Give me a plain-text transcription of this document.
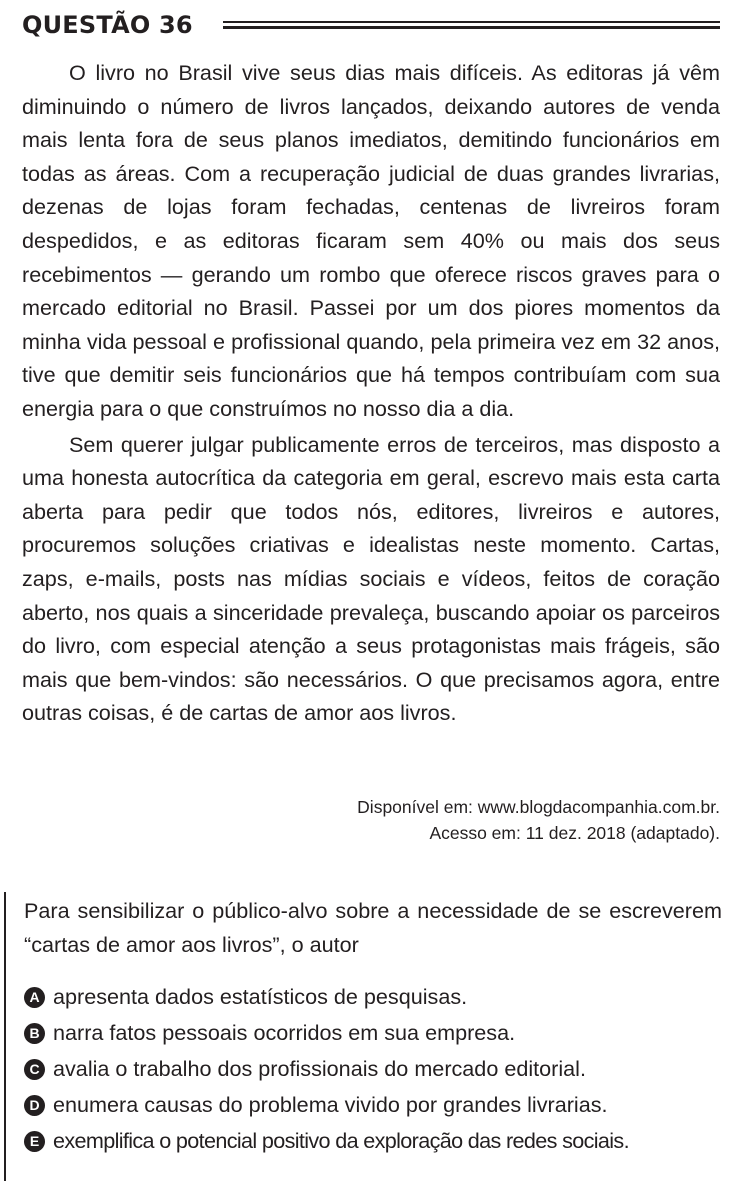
QUESTÃO 36

O livro no Brasil vive seus dias mais difíceis. As editoras já vêm diminuindo o número de livros lançados, deixando autores de venda mais lenta fora de seus planos imediatos, demitindo funcionários em todas as áreas. Com a recuperação judicial de duas grandes livrarias, dezenas de lojas foram fechadas, centenas de livreiros foram despedidos, e as editoras ficaram sem 40% ou mais dos seus recebimentos — gerando um rombo que oferece riscos graves para o mercado editorial no Brasil. Passei por um dos piores momentos da minha vida pessoal e profissional quando, pela primeira vez em 32 anos, tive que demitir seis funcionários que há tempos contribuíam com sua energia para o que construímos no nosso dia a dia.

Sem querer julgar publicamente erros de terceiros, mas disposto a uma honesta autocrítica da categoria em geral, escrevo mais esta carta aberta para pedir que todos nós, editores, livreiros e autores, procuremos soluções criativas e idealistas neste momento. Cartas, zaps, e-mails, posts nas mídias sociais e vídeos, feitos de coração aberto, nos quais a sinceridade prevaleça, buscando apoiar os parceiros do livro, com especial atenção a seus protagonistas mais frágeis, são mais que bem-vindos: são necessários. O que precisamos agora, entre outras coisas, é de cartas de amor aos livros.

Disponível em: www.blogdacompanhia.com.br.
Acesso em: 11 dez. 2018 (adaptado).
Para sensibilizar o público-alvo sobre a necessidade de se escreverem “cartas de amor aos livros”, o autor
A apresenta dados estatísticos de pesquisas.
B narra fatos pessoais ocorridos em sua empresa.
C avalia o trabalho dos profissionais do mercado editorial.
D enumera causas do problema vivido por grandes livrarias.
E exemplifica o potencial positivo da exploração das redes sociais.
